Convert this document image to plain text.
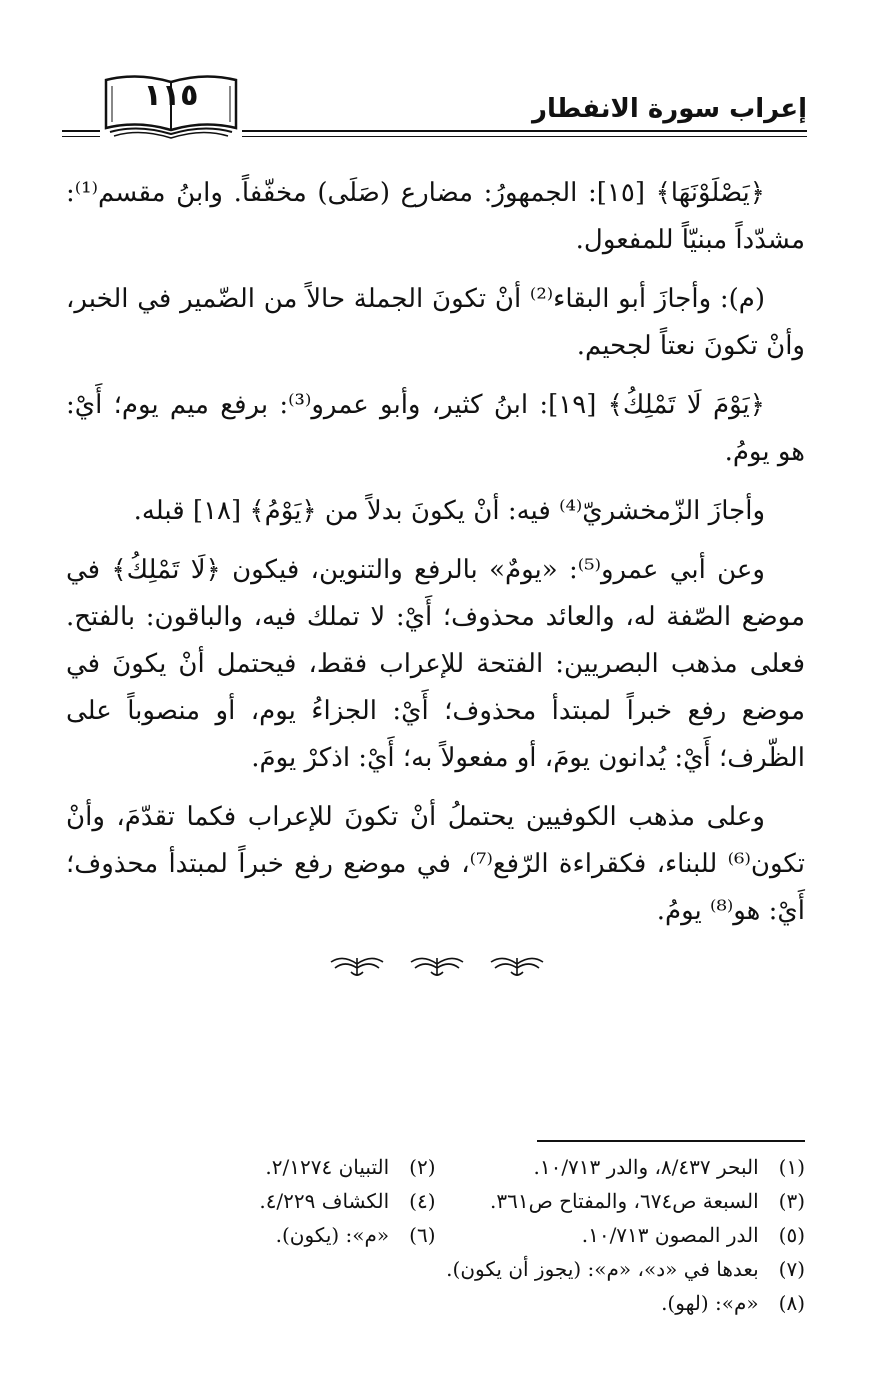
إعراب سورة الانفطار
١١٥

﴿يَصْلَوْنَهَا﴾ [١٥]: الجمهورُ: مضارع (صَلَى) مخفّفاً. وابنُ مقسم⁽¹⁾: مشدّداً مبنيّاً للمفعول.

(م): وأجازَ أبو البقاء⁽²⁾ أنْ تكونَ الجملة حالاً من الضّمير في الخبر، وأنْ تكونَ نعتاً لجحيم.

﴿يَوْمَ لَا تَمْلِكُ﴾ [١٩]: ابنُ كثير، وأبو عمرو⁽³⁾: برفع ميم يوم؛ أَيْ: هو يومُ.

وأجازَ الزّمخشريّ⁽⁴⁾ فيه: أنْ يكونَ بدلاً من ﴿يَوْمُ﴾ [١٨] قبله.

وعن أبي عمرو⁽⁵⁾: «يومٌ» بالرفع والتنوين، فيكون ﴿لَا تَمْلِكُ﴾ في موضع الصّفة له، والعائد محذوف؛ أَيْ: لا تملك فيه، والباقون: بالفتح. فعلى مذهب البصريين: الفتحة للإعراب فقط، فيحتمل أنْ يكونَ في موضع رفع خبراً لمبتدأ محذوف؛ أَيْ: الجزاءُ يوم، أو منصوباً على الظّرف؛ أَيْ: يُدانون يومَ، أو مفعولاً به؛ أَيْ: اذكرْ يومَ.

وعلى مذهب الكوفيين يحتملُ أنْ تكونَ للإعراب فكما تقدّمَ، وأنْ تكون⁽⁶⁾ للبناء، فكقراءة الرّفع⁽⁷⁾، في موضع رفع خبراً لمبتدأ محذوف؛ أَيْ: هو⁽⁸⁾ يومُ.

(١) البحر ٨/٤٣٧، والدر ١٠/٧١٣.
(٢) التبيان ٢/١٢٧٤.
(٣) السبعة ص٦٧٤، والمفتاح ص٣٦١.
(٤) الكشاف ٤/٢٢٩.
(٥) الدر المصون ١٠/٧١٣.
(٦) «م»: (يكون).
(٧) بعدها في «د»، «م»: (يجوز أن يكون).
(٨) «م»: (لهو).
